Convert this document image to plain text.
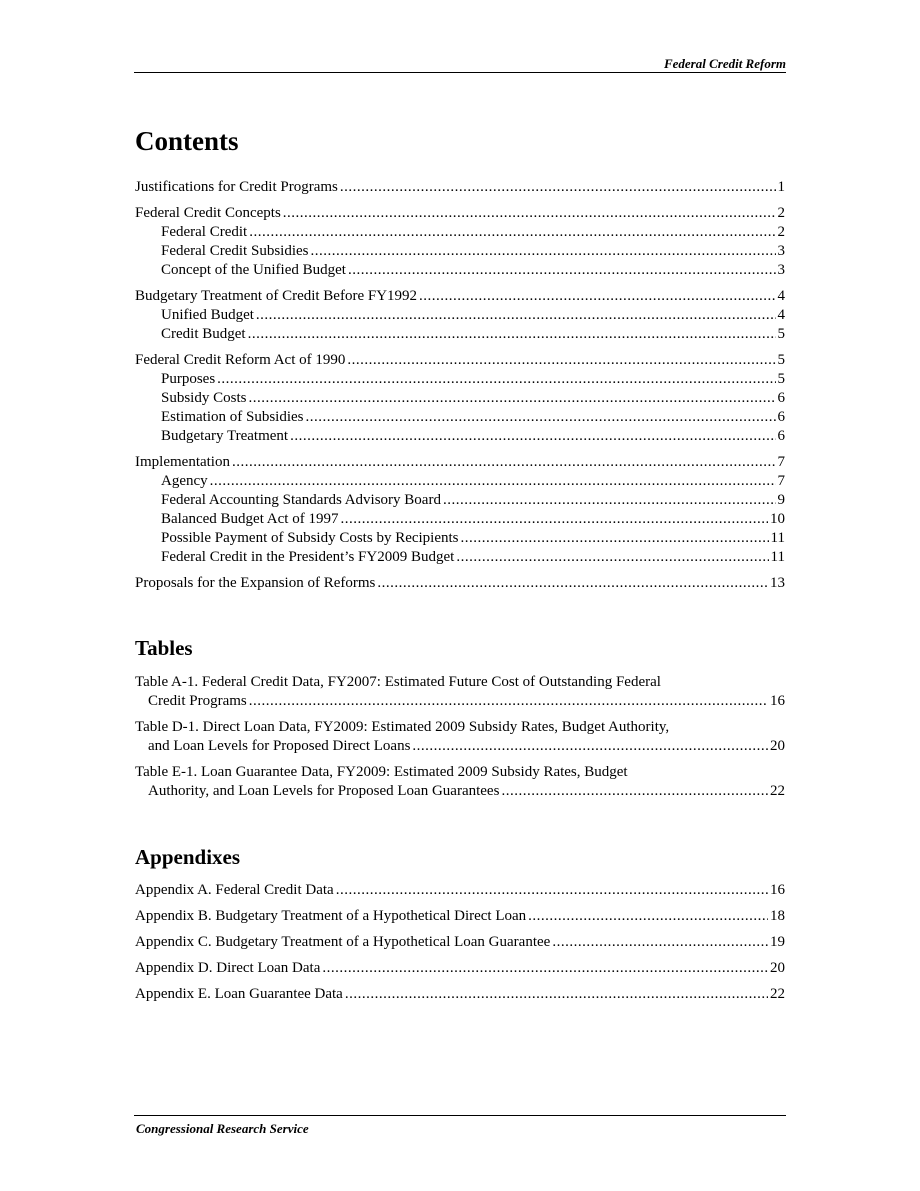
Federal Credit Reform
Contents
Justifications for Credit Programs .....	1
Federal Credit Concepts .....	2
Federal Credit .....	2
Federal Credit Subsidies .....	3
Concept of the Unified Budget .....	3
Budgetary Treatment of Credit Before FY1992 .....	4
Unified Budget .....	4
Credit Budget .....	5
Federal Credit Reform Act of 1990 .....	5
Purposes .....	5
Subsidy Costs .....	6
Estimation of Subsidies .....	6
Budgetary Treatment .....	6
Implementation .....	7
Agency .....	7
Federal Accounting Standards Advisory Board .....	9
Balanced Budget Act of 1997 .....	10
Possible Payment of Subsidy Costs by Recipients .....	11
Federal Credit in the President’s FY2009 Budget .....	11
Proposals for the Expansion of Reforms .....	13
Tables
Table A-1. Federal Credit Data, FY2007: Estimated Future Cost of Outstanding Federal
Credit Programs .....	16
Table D-1. Direct Loan Data, FY2009: Estimated 2009 Subsidy Rates, Budget Authority,
and Loan Levels for Proposed Direct Loans .....	20
Table E-1. Loan Guarantee Data, FY2009: Estimated 2009 Subsidy Rates, Budget
Authority, and Loan Levels for Proposed Loan Guarantees .....	22
Appendixes
Appendix A. Federal Credit Data .....	16
Appendix B. Budgetary Treatment of a Hypothetical Direct Loan .....	18
Appendix C. Budgetary Treatment of a Hypothetical Loan Guarantee .....	19
Appendix D. Direct Loan Data .....	20
Appendix E. Loan Guarantee Data .....	22
Congressional Research Service
